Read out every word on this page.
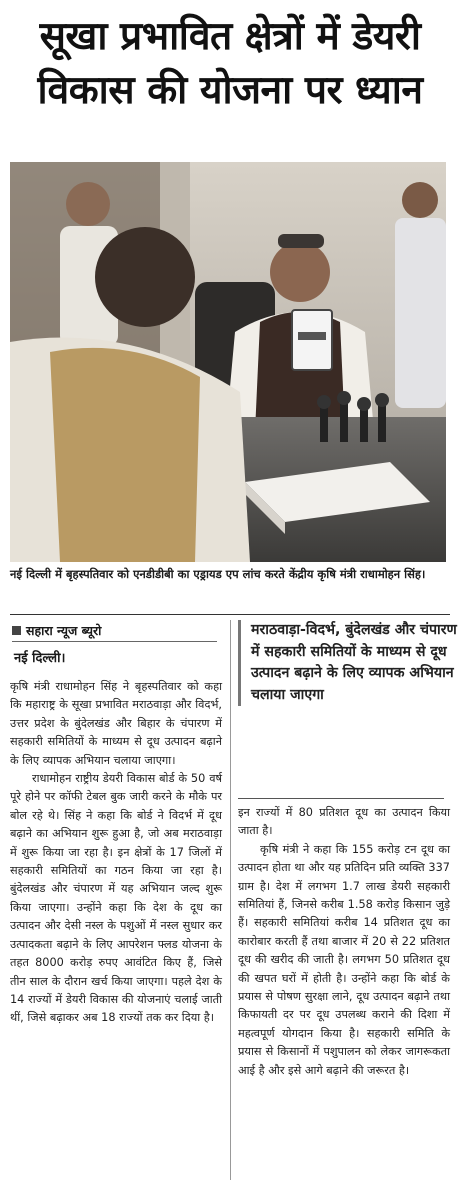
सूखा प्रभावित क्षेत्रों में डेयरी
विकास की योजना पर ध्यान
नई दिल्ली में बृहस्पतिवार को एनडीडीबी का एड्रायड एप लांच करते केंद्रीय कृषि मंत्री राधामोहन सिंह।
सहारा न्यूज ब्यूरो
नई दिल्ली।

कृषि मंत्री राधामोहन सिंह ने बृहस्पतिवार को कहा कि महाराष्ट्र के सूखा प्रभावित मराठवाड़ा और विदर्भ, उत्तर प्रदेश के बुंदेलखंड और बिहार के चंपारण में सहकारी समितियों के माध्यम से दूध उत्पादन बढ़ाने के लिए व्यापक अभियान चलाया जाएगा।

राधामोहन राष्ट्रीय डेयरी विकास बोर्ड के 50 वर्ष पूरे होने पर कॉफी टेबल बुक जारी करने के मौके पर बोल रहे थे। सिंह ने कहा कि बोर्ड ने विदर्भ में दूध बढ़ाने का अभियान शुरू हुआ है, जो अब मराठवाड़ा में शुरू किया जा रहा है। इन क्षेत्रों के 17 जिलों में सहकारी समितियों का गठन किया जा रहा है। बुंदेलखंड और चंपारण में यह अभियान जल्द शुरू किया जाएगा। उन्होंने कहा कि देश के दूध का उत्पादन और देसी नस्ल के पशुओं में नस्ल सुधार कर उत्पादकता बढ़ाने के लिए आपरेशन फ्लड योजना के तहत 8000 करोड़ रुपए आवंटित किए हैं, जिसे तीन साल के दौरान खर्च किया जाएगा। पहले देश के 14 राज्यों में डेयरी विकास की योजनाएं चलाई जाती थीं, जिसे बढ़ाकर अब 18 राज्यों तक कर दिया है।

मराठवाड़ा-विदर्भ, बुंदेलखंड और चंपारण में सहकारी समितियों के माध्यम से दूध उत्पादन बढ़ाने के लिए व्यापक अभियान चलाया जाएगा

इन राज्यों में 80 प्रतिशत दूध का उत्पादन किया जाता है।

कृषि मंत्री ने कहा कि 155 करोड़ टन दूध का उत्पादन होता था और यह प्रतिदिन प्रति व्यक्ति 337 ग्राम है। देश में लगभग 1.7 लाख डेयरी सहकारी समितियां हैं, जिनसे करीब 1.58 करोड़ किसान जुड़े हैं। सहकारी समितियां करीब 14 प्रतिशत दूध का कारोबार करती हैं तथा बाजार में 20 से 22 प्रतिशत दूध की खरीद की जाती है। लगभग 50 प्रतिशत दूध की खपत घरों में होती है। उन्होंने कहा कि बोर्ड के प्रयास से पोषण सुरक्षा लाने, दूध उत्पादन बढ़ाने तथा किफायती दर पर दूध उपलब्ध कराने की दिशा में महत्वपूर्ण योगदान किया है। सहकारी समिति के प्रयास से किसानों में पशुपालन को लेकर जागरूकता आई है और इसे आगे बढ़ाने की जरूरत है।
